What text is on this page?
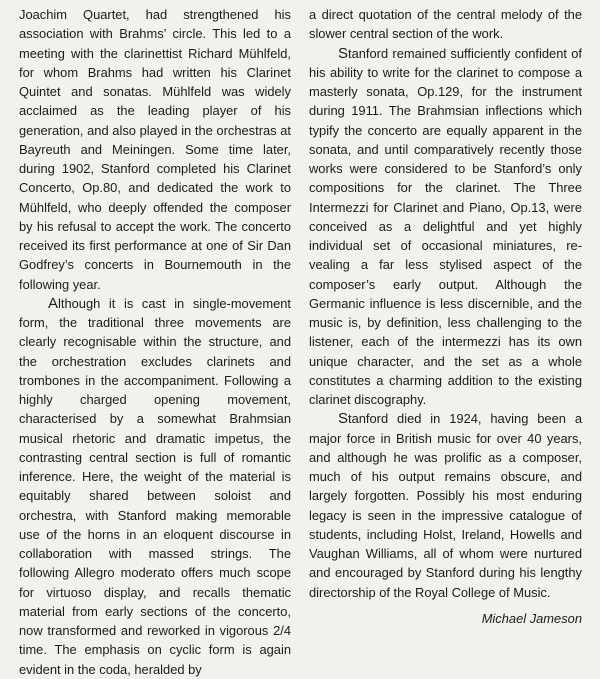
Joachim Quartet, had strengthened his association with Brahms’ circle. This led to a meeting with the clarinettist Richard Mühlfeld, for whom Brahms had written his Clarinet Quintet and sonatas. Mühlfeld was widely acclaimed as the leading player of his generation, and also played in the orchestras at Bayreuth and Meiningen. Some time later, during 1902, Stanford completed his Clarinet Concerto, Op.80, and dedicated the work to Mühlfeld, who deeply offended the composer by his refusal to accept the work. The concerto received its first performance at one of Sir Dan Godfrey’s concerts in Bournemouth in the following year.

Although it is cast in single-movement form, the traditional three movements are clearly recognisable within the structure, and the orchestration excludes clarinets and trombones in the accompaniment. Following a highly charged opening movement, characterised by a somewhat Brahmsian musical rhetoric and dramatic impetus, the contrasting central section is full of romantic inference. Here, the weight of the material is equitably shared between soloist and orchestra, with Stanford making memorable use of the horns in an eloquent discourse in collaboration with massed strings. The following Allegro moderato offers much scope for virtuoso display, and recalls thematic material from early sections of the concerto, now transformed and reworked in vigorous 2/4 time. The emphasis on cyclic form is again evident in the coda, heralded by

a direct quotation of the central melody of the slower central section of the work.

Stanford remained sufficiently confident of his ability to write for the clarinet to compose a masterly sonata, Op.129, for the instrument during 1911. The Brahmsian inflections which typify the concerto are equally apparent in the sonata, and until comparatively recently those works were considered to be Stanford’s only compositions for the clarinet. The Three Intermezzi for Clarinet and Piano, Op.13, were conceived as a delightful and yet highly individual set of occasional miniatures, revealing a far less stylised aspect of the composer’s early output. Although the Germanic influence is less discernible, and the music is, by definition, less challenging to the listener, each of the intermezzi has its own unique character, and the set as a whole constitutes a charming addition to the existing clarinet discography.

Stanford died in 1924, having been a major force in British music for over 40 years, and although he was prolific as a composer, much of his output remains obscure, and largely forgotten. Possibly his most enduring legacy is seen in the impressive catalogue of students, including Holst, Ireland, Howells and Vaughan Williams, all of whom were nurtured and encouraged by Stanford during his lengthy directorship of the Royal College of Music.

Michael Jameson
